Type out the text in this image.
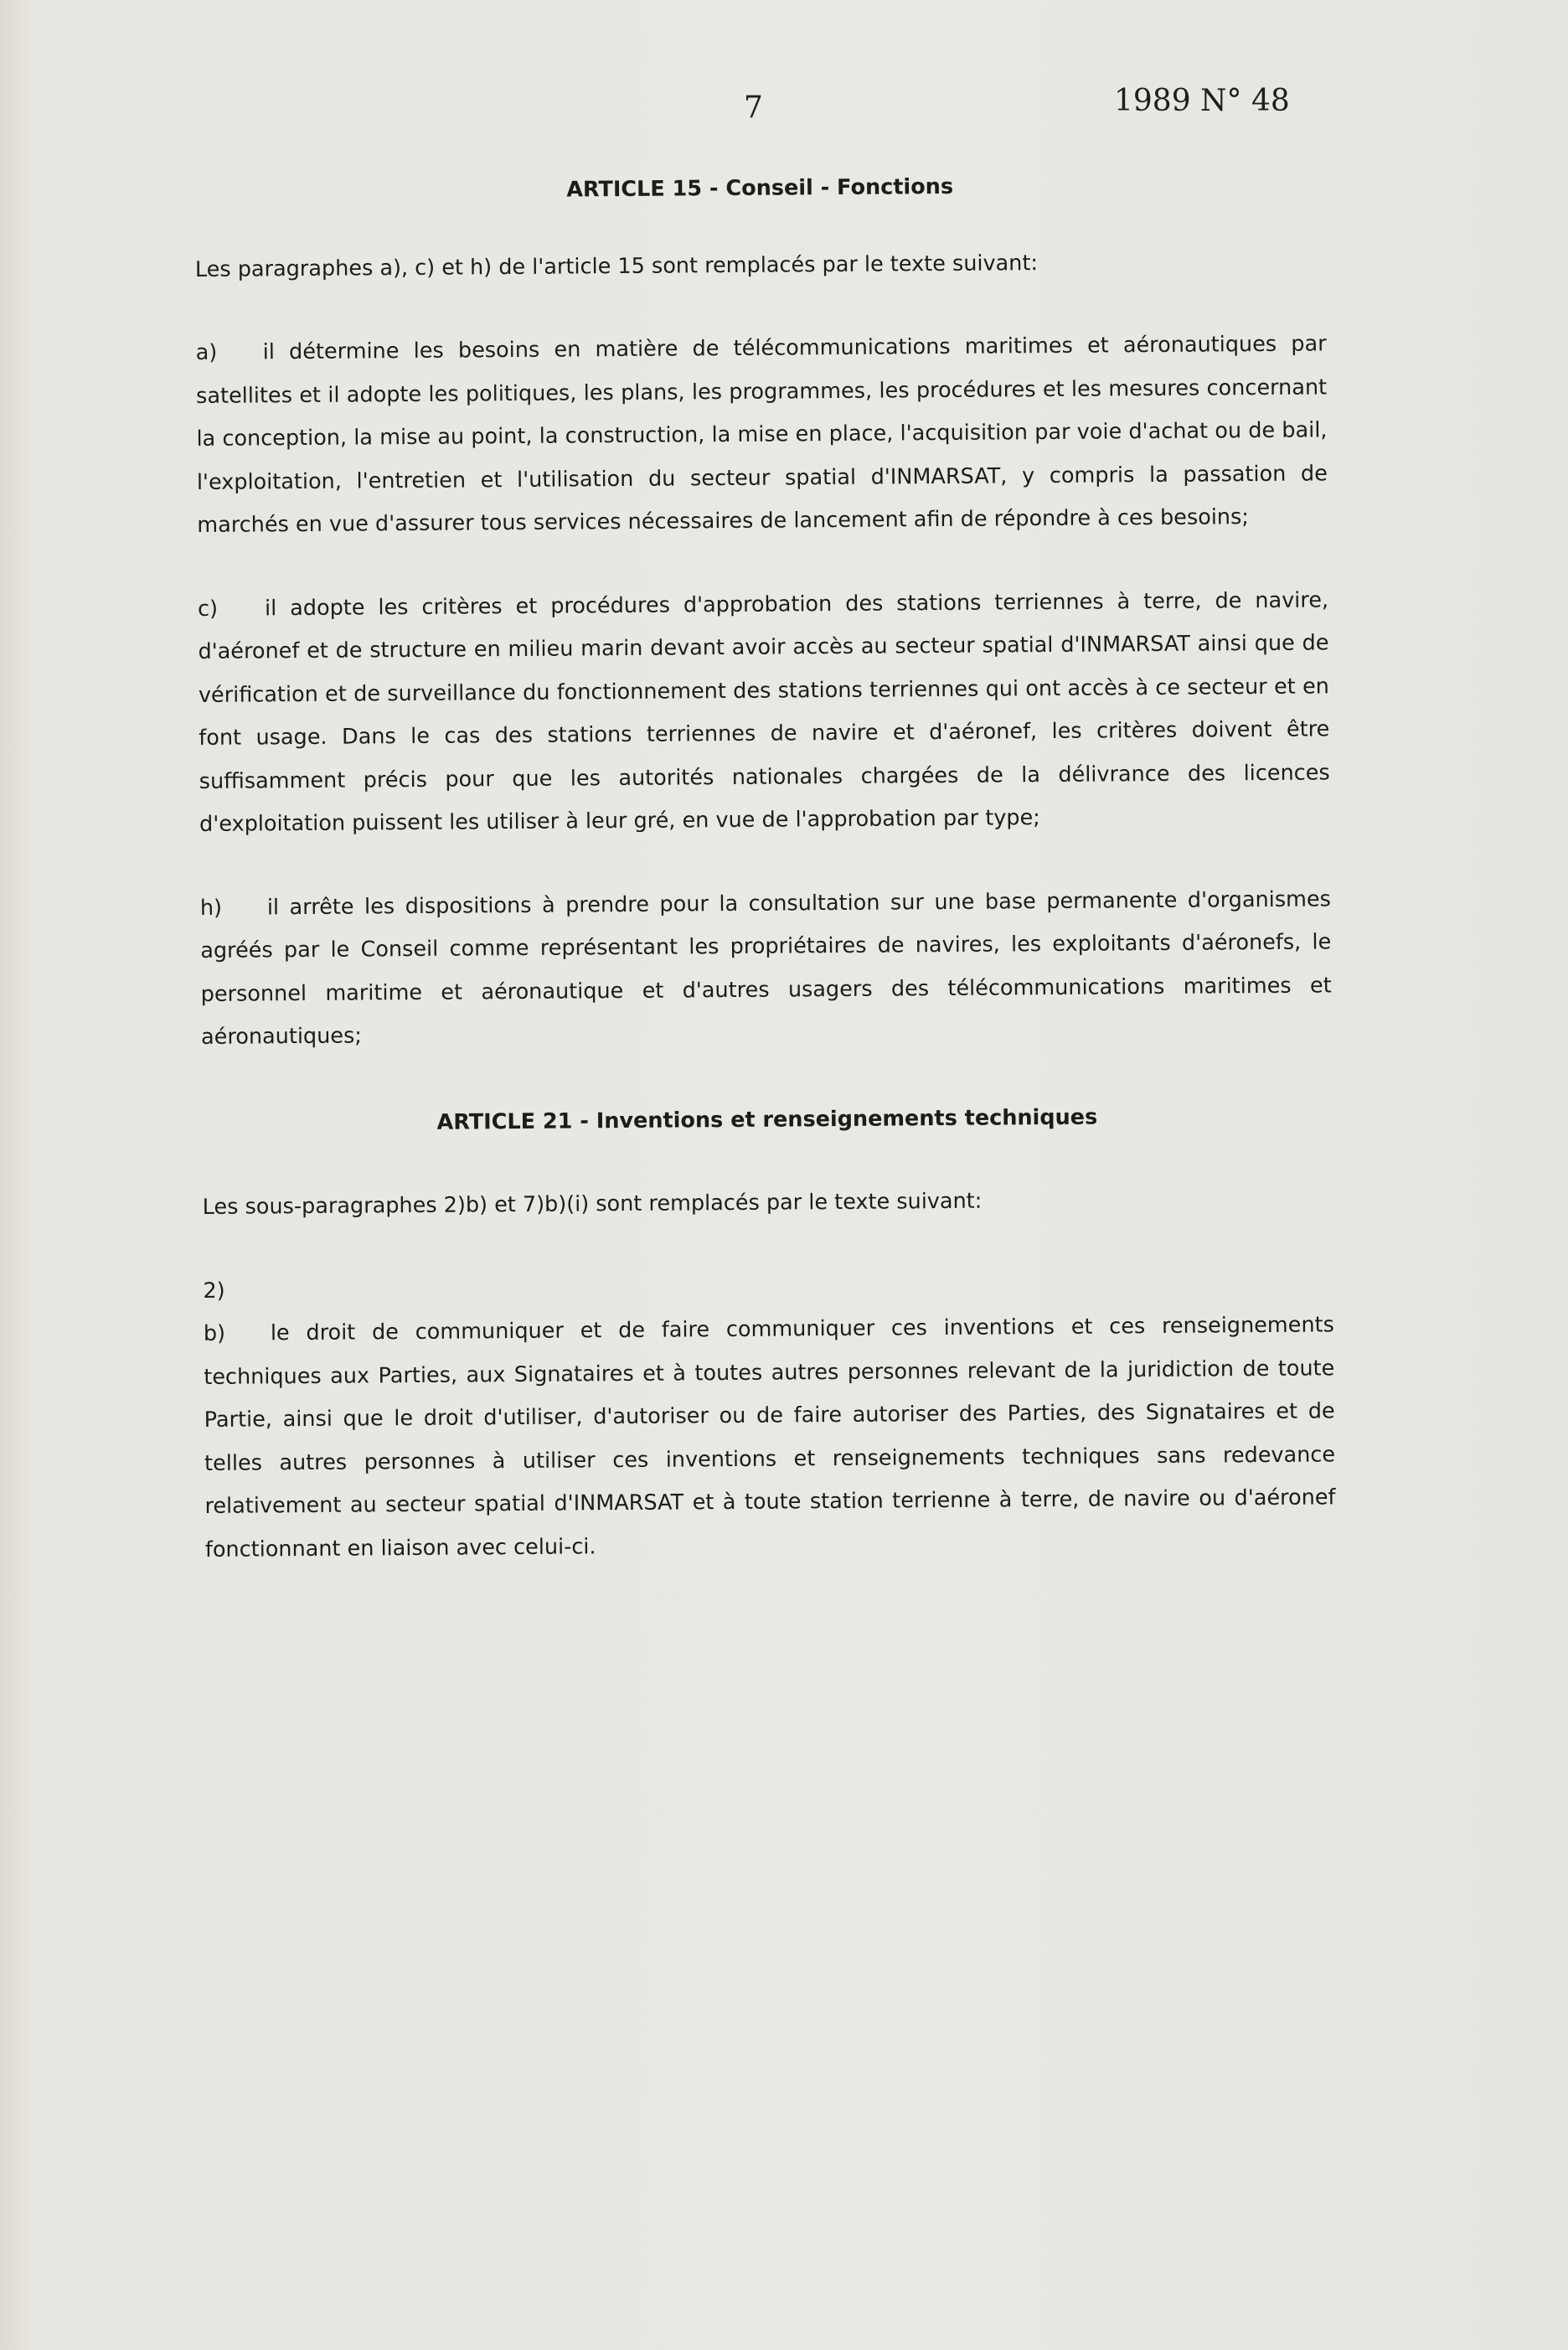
7	1989 N° 48

ARTICLE 15 - Conseil - Fonctions

Les paragraphes a), c) et h) de l'article 15 sont remplacés par le texte suivant:

a) il détermine les besoins en matière de télécommunications maritimes et aéronautiques par satellites et il adopte les politiques, les plans, les programmes, les procédures et les mesures concernant la conception, la mise au point, la construction, la mise en place, l'acquisition par voie d'achat ou de bail, l'exploitation, l'entretien et l'utilisation du secteur spatial d'INMARSAT, y compris la passation de marchés en vue d'assurer tous services nécessaires de lancement afin de répondre à ces besoins;

c) il adopte les critères et procédures d'approbation des stations terriennes à terre, de navire, d'aéronef et de structure en milieu marin devant avoir accès au secteur spatial d'INMARSAT ainsi que de vérification et de surveillance du fonctionnement des stations terriennes qui ont accès à ce secteur et en font usage. Dans le cas des stations terriennes de navire et d'aéronef, les critères doivent être suffisamment précis pour que les autorités nationales chargées de la délivrance des licences d'exploitation puissent les utiliser à leur gré, en vue de l'approbation par type;

h) il arrête les dispositions à prendre pour la consultation sur une base permanente d'organismes agréés par le Conseil comme représentant les propriétaires de navires, les exploitants d'aéronefs, le personnel maritime et aéronautique et d'autres usagers des télécommunications maritimes et aéronautiques;

ARTICLE 21 - Inventions et renseignements techniques

Les sous-paragraphes 2)b) et 7)b)(i) sont remplacés par le texte suivant:

2)

b) le droit de communiquer et de faire communiquer ces inventions et ces renseignements techniques aux Parties, aux Signataires et à toutes autres personnes relevant de la juridiction de toute Partie, ainsi que le droit d'utiliser, d'autoriser ou de faire autoriser des Parties, des Signataires et de telles autres personnes à utiliser ces inventions et renseignements techniques sans redevance relativement au secteur spatial d'INMARSAT et à toute station terrienne à terre, de navire ou d'aéronef fonctionnant en liaison avec celui-ci.
